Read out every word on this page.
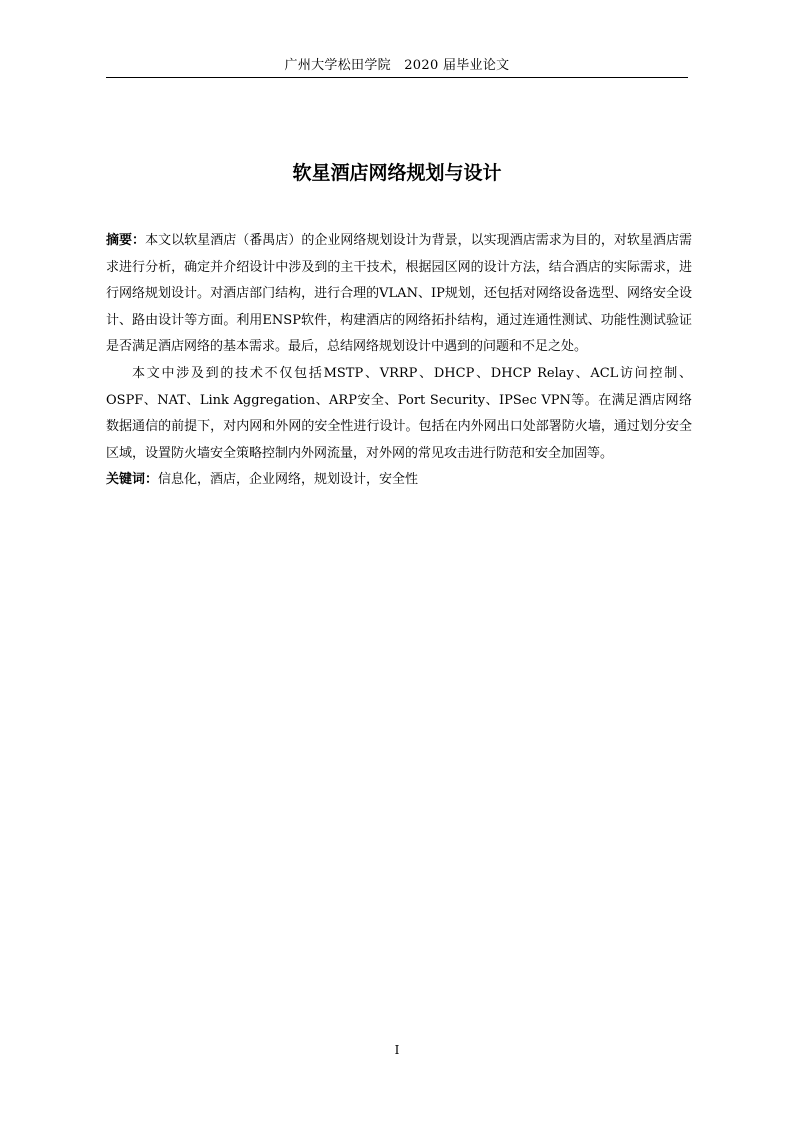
广州大学松田学院　2020 届毕业论文
软星酒店网络规划与设计

摘要：本文以软星酒店（番禺店）的企业网络规划设计为背景，以实现酒店需求为目的，对软星酒店需求进行分析，确定并介绍设计中涉及到的主干技术，根据园区网的设计方法，结合酒店的实际需求，进行网络规划设计。对酒店部门结构，进行合理的VLAN、IP规划，还包括对网络设备选型、网络安全设计、路由设计等方面。利用ENSP软件，构建酒店的网络拓扑结构，通过连通性测试、功能性测试验证是否满足酒店网络的基本需求。最后，总结网络规划设计中遇到的问题和不足之处。

本文中涉及到的技术不仅包括MSTP、VRRP、DHCP、DHCP Relay、ACL访问控制、OSPF、NAT、Link Aggregation、ARP安全、Port Security、IPSec VPN等。在满足酒店网络数据通信的前提下，对内网和外网的安全性进行设计。包括在内外网出口处部署防火墙，通过划分安全区域，设置防火墙安全策略控制内外网流量，对外网的常见攻击进行防范和安全加固等。

关键词：信息化，酒店，企业网络，规划设计，安全性

I
